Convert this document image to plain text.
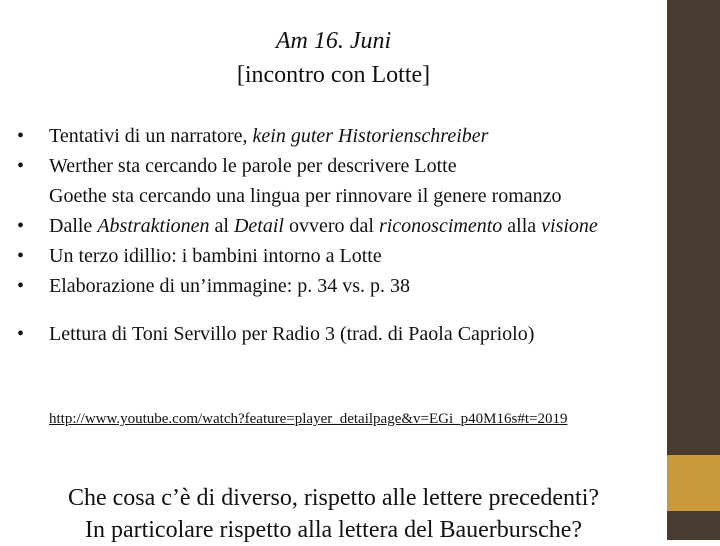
Am 16. Juni
[incontro con Lotte]
• Tentativi di un narratore, kein guter Historienschreiber
• Werther sta cercando le parole per descrivere Lotte
Goethe sta cercando una lingua per rinnovare il genere romanzo
• Dalle Abstraktionen al Detail ovvero dal riconoscimento alla visione
• Un terzo idillio: i bambini intorno a Lotte
• Elaborazione di un’immagine: p. 34 vs. p. 38
• Lettura di Toni Servillo per Radio 3 (trad. di Paola Capriolo)
http://www.youtube.com/watch?feature=player_detailpage&v=EGi_p40M16s#t=2019
Che cosa c’è di diverso, rispetto alle lettere precedenti?
In particolare rispetto alla lettera del Bauerbursche?
